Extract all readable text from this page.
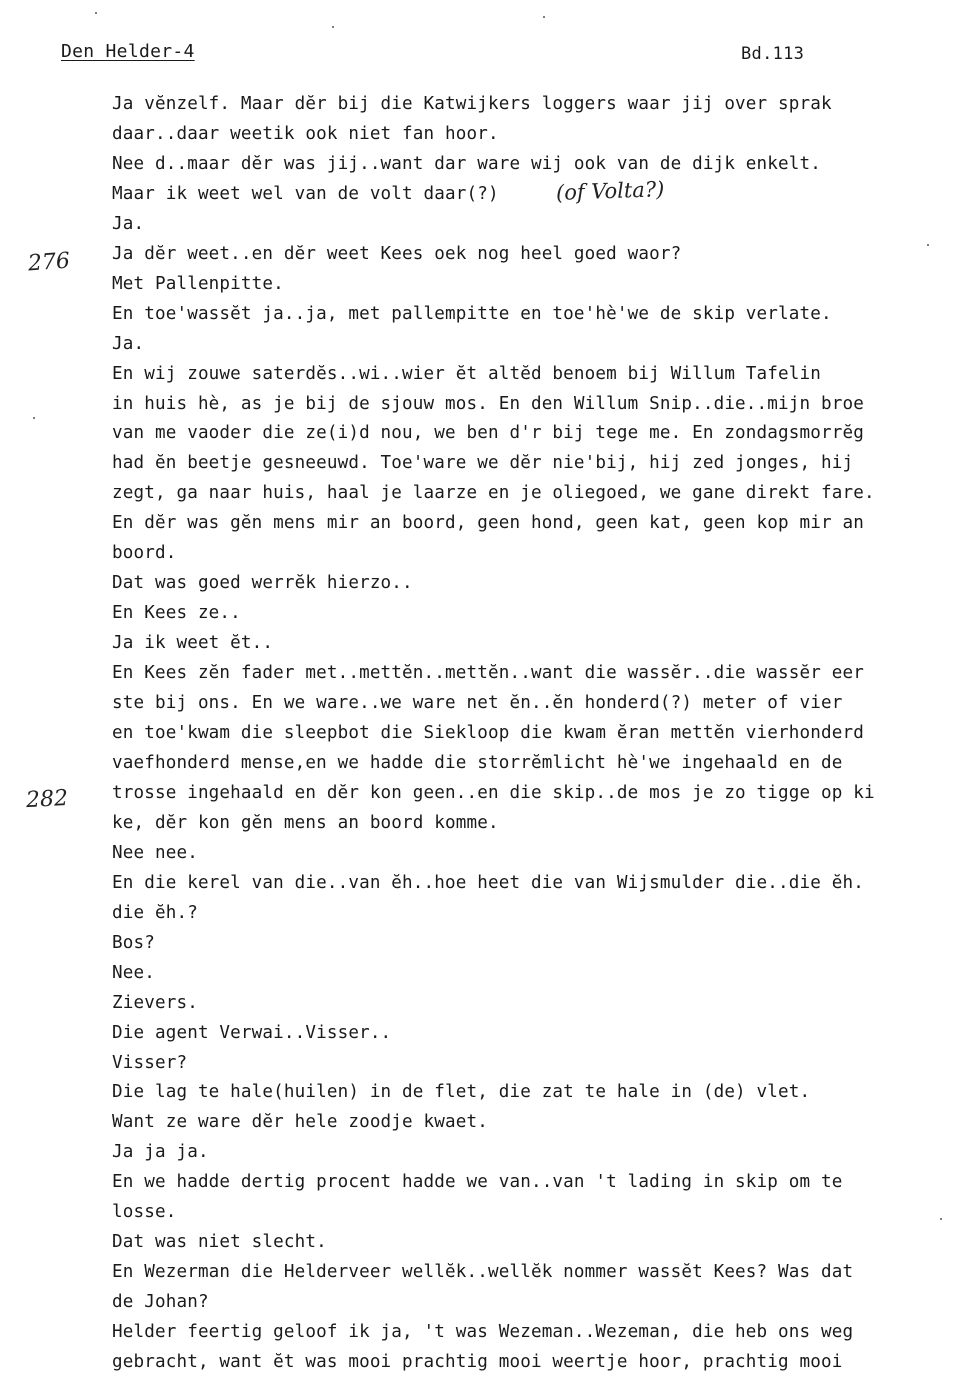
Den Helder-4	Bd.113
276
282
(of Volta?)
Ja vĕnzelf. Maar dĕr bij die Katwijkers loggers waar jij over sprak
daar..daar weetik ook niet fan hoor.
Nee d..maar dĕr was jij..want dar ware wij ook van de dijk enkelt.
Maar ik weet wel van de volt daar(?)
Ja.
Ja dĕr weet..en dĕr weet Kees oek nog heel goed waor?
Met Pallenpitte.
En toe'wassĕt ja..ja, met pallempitte en toe'hè'we de skip verlate.
Ja.
En wij zouwe saterdĕs..wi..wier ĕt altĕd benoem bij Willum Tafelin
in huis hè, as je bij de sjouw mos. En den Willum Snip..die..mijn broe
van me vaoder die ze(i)d nou, we ben d'r bij tege me. En zondagsmorrĕg
had ĕn beetje gesneeuwd. Toe'ware we dĕr nie'bij, hij zed jonges, hij
zegt, ga naar huis, haal je laarze en je oliegoed, we gane direkt fare.
En dĕr was gĕn mens mir an boord, geen hond, geen kat, geen kop mir an
boord.
Dat was goed werrĕk hierzo..
En Kees ze..
Ja ik weet ĕt..
En Kees zĕn fader met..mettĕn..mettĕn..want die wassĕr..die wassĕr eer
ste bij ons. En we ware..we ware net ĕn..ĕn honderd(?) meter of vier
en toe'kwam die sleepbot die Siekloop die kwam ĕran mettĕn vierhonderd
vaefhonderd mense,en we hadde die storrĕmlicht hè'we ingehaald en de
trosse ingehaald en dĕr kon geen..en die skip..de mos je zo tigge op ki
ke, dĕr kon gĕn mens an boord komme.
Nee nee.
En die kerel van die..van ĕh..hoe heet die van Wijsmulder die..die ĕh.
die ĕh.?
Bos?
Nee.
Zievers.
Die agent Verwai..Visser..
Visser?
Die lag te hale(huilen) in de flet, die zat te hale in (de) vlet.
Want ze ware dĕr hele zoodje kwaet.
Ja ja ja.
En we hadde dertig procent hadde we van..van 't lading in skip om te
losse.
Dat was niet slecht.
En Wezerman die Helderveer wellĕk..wellĕk nommer wassĕt Kees? Was dat
de Johan?
Helder feertig geloof ik ja, 't was Wezeman..Wezeman, die heb ons weg
gebracht, want ĕt was mooi prachtig mooi weertje hoor, prachtig mooi
